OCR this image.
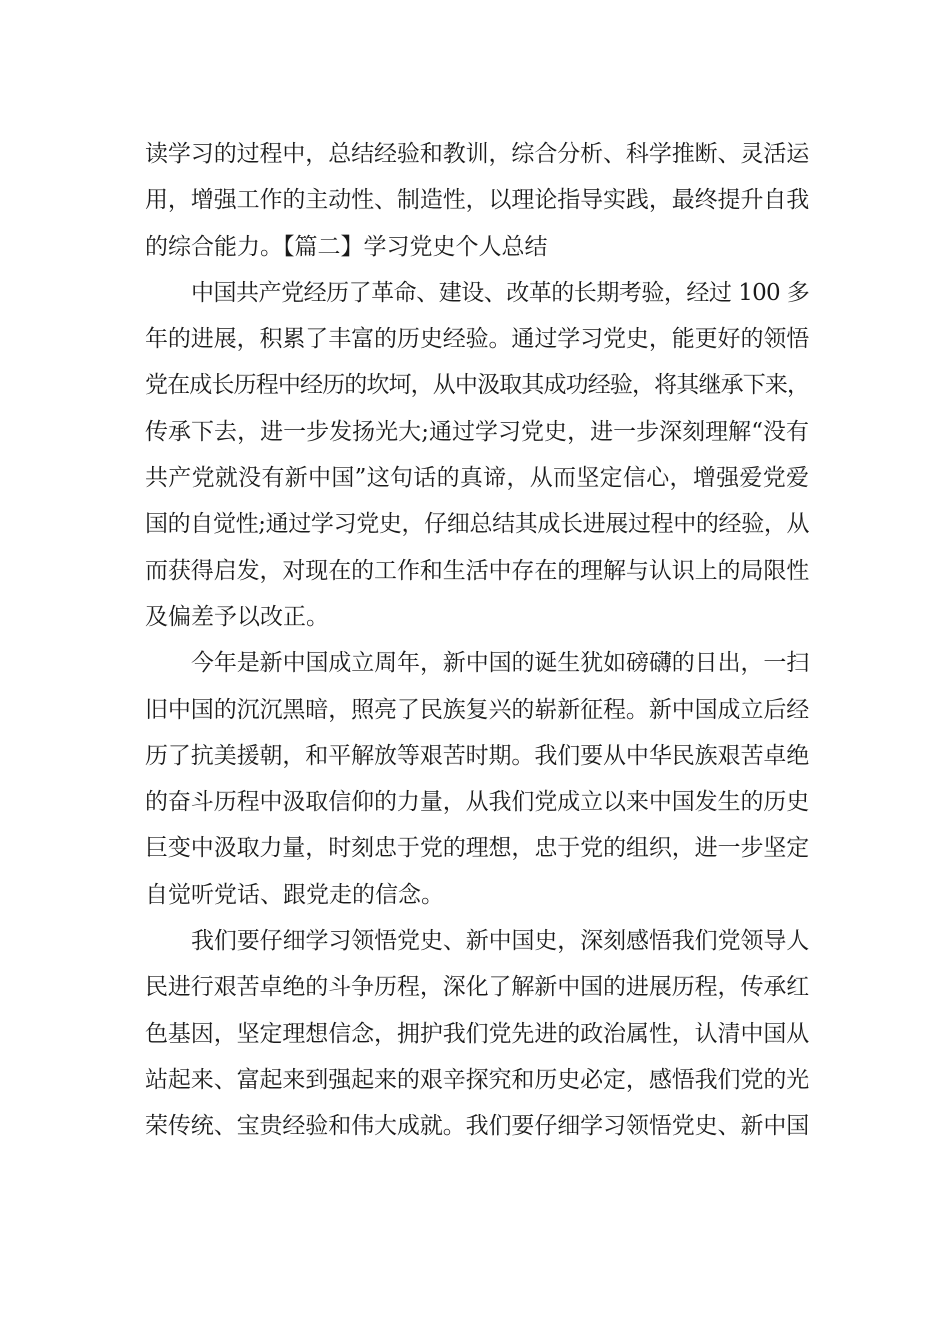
读学习的过程中，总结经验和教训，综合分析、科学推断、灵活运
用，增强工作的主动性、制造性，以理论指导实践，最终提升自我
的综合能力。【篇二】学习党史个人总结
中国共产党经历了革命、建设、改革的长期考验，经过 100 多
年的进展，积累了丰富的历史经验。通过学习党史，能更好的领悟
党在成长历程中经历的坎坷，从中汲取其成功经验，将其继承下来，
传承下去，进一步发扬光大;通过学习党史，进一步深刻理解“没有
共产党就没有新中国”这句话的真谛，从而坚定信心，增强爱党爱
国的自觉性;通过学习党史，仔细总结其成长进展过程中的经验，从
而获得启发，对现在的工作和生活中存在的理解与认识上的局限性
及偏差予以改正。
今年是新中国成立周年，新中国的诞生犹如磅礴的日出，一扫
旧中国的沉沉黑暗，照亮了民族复兴的崭新征程。新中国成立后经
历了抗美援朝，和平解放等艰苦时期。我们要从中华民族艰苦卓绝
的奋斗历程中汲取信仰的力量，从我们党成立以来中国发生的历史
巨变中汲取力量，时刻忠于党的理想，忠于党的组织，进一步坚定
自觉听党话、跟党走的信念。
我们要仔细学习领悟党史、新中国史，深刻感悟我们党领导人
民进行艰苦卓绝的斗争历程，深化了解新中国的进展历程，传承红
色基因，坚定理想信念，拥护我们党先进的政治属性，认清中国从
站起来、富起来到强起来的艰辛探究和历史必定，感悟我们党的光
荣传统、宝贵经验和伟大成就。我们要仔细学习领悟党史、新中国
